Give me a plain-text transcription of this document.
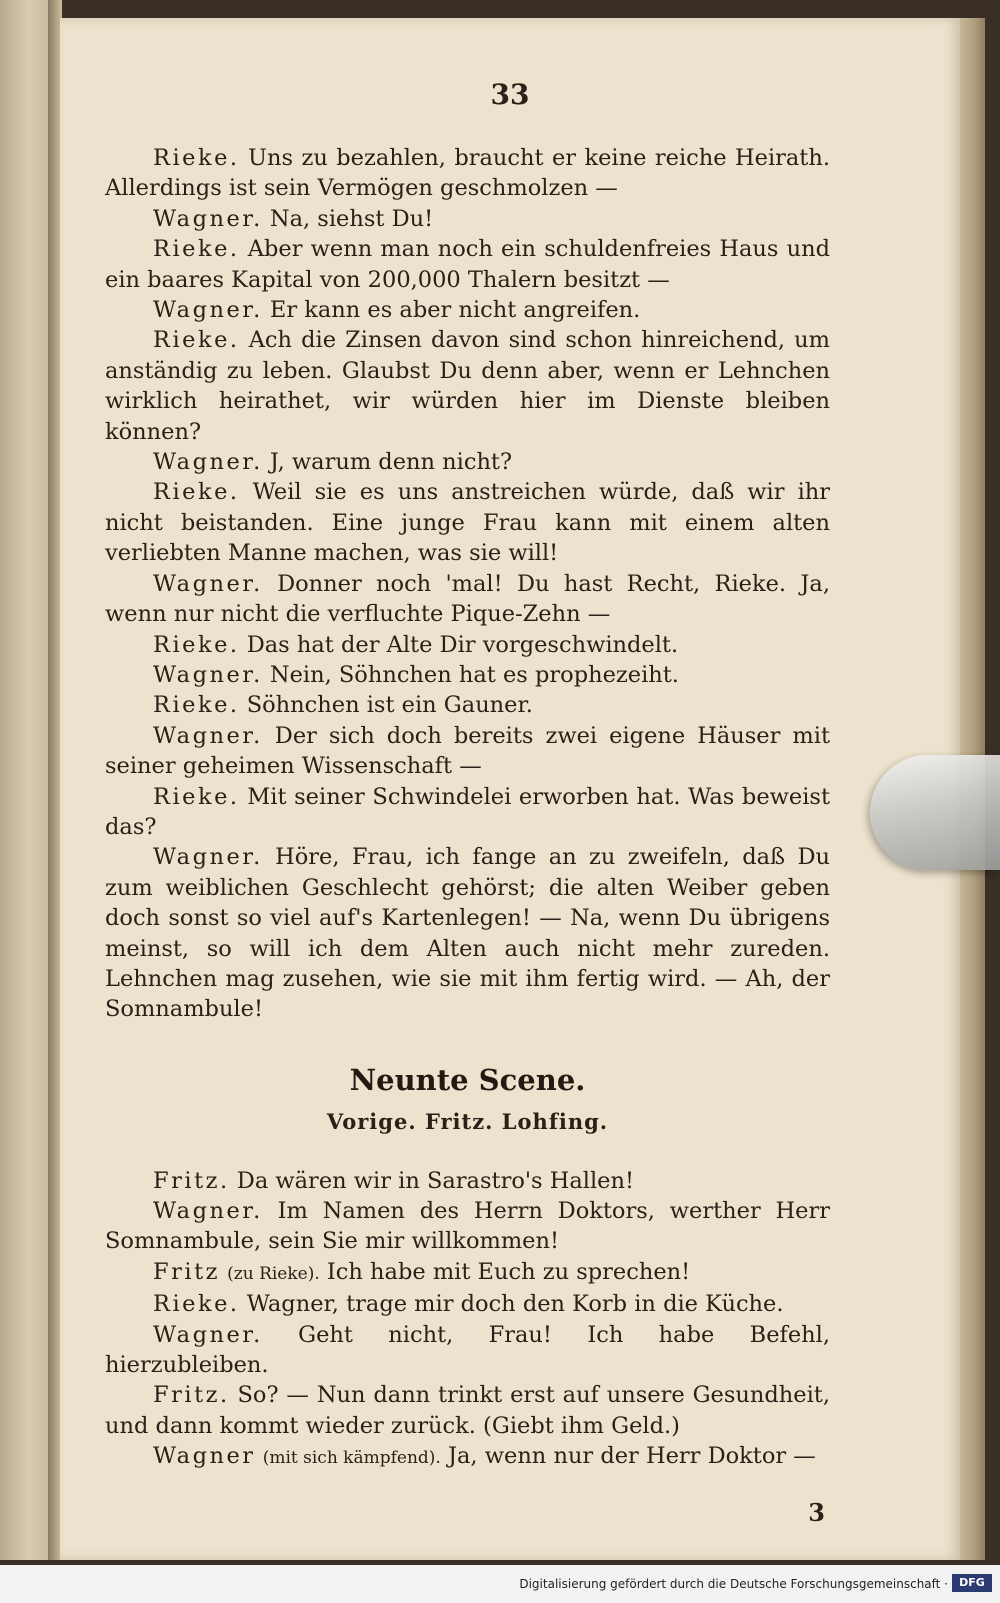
33

Rieke. Uns zu bezahlen, braucht er keine reiche Heirath. Allerdings ist sein Vermögen geschmolzen —

Wagner. Na, siehst Du!

Rieke. Aber wenn man noch ein schuldenfreies Haus und ein baares Kapital von 200,000 Thalern besitzt —

Wagner. Er kann es aber nicht angreifen.

Rieke. Ach die Zinsen davon sind schon hinreichend, um anständig zu leben. Glaubst Du denn aber, wenn er Lehnchen wirklich heirathet, wir würden hier im Dienste bleiben können?

Wagner. J, warum denn nicht?

Rieke. Weil sie es uns anstreichen würde, daß wir ihr nicht beistanden. Eine junge Frau kann mit einem alten verliebten Manne machen, was sie will!

Wagner. Donner noch 'mal! Du hast Recht, Rieke. Ja, wenn nur nicht die verfluchte Pique-Zehn —

Rieke. Das hat der Alte Dir vorgeschwindelt.

Wagner. Nein, Söhnchen hat es prophezeiht.

Rieke. Söhnchen ist ein Gauner.

Wagner. Der sich doch bereits zwei eigene Häuser mit seiner geheimen Wissenschaft —

Rieke. Mit seiner Schwindelei erworben hat. Was beweist das?

Wagner. Höre, Frau, ich fange an zu zweifeln, daß Du zum weiblichen Geschlecht gehörst; die alten Weiber geben doch sonst so viel auf's Kartenlegen! — Na, wenn Du übrigens meinst, so will ich dem Alten auch nicht mehr zureden. Lehnchen mag zusehen, wie sie mit ihm fertig wird. — Ah, der Somnambule!

Neunte Scene.
Vorige. Fritz. Lohfing.

Fritz. Da wären wir in Sarastro's Hallen!

Wagner. Im Namen des Herrn Doktors, werther Herr Somnambule, sein Sie mir willkommen!

Fritz (zu Rieke). Ich habe mit Euch zu sprechen!

Rieke. Wagner, trage mir doch den Korb in die Küche.

Wagner. Geht nicht, Frau! Ich habe Befehl, hierzubleiben.

Fritz. So? — Nun dann trinkt erst auf unsere Gesundheit, und dann kommt wieder zurück. (Giebt ihm Geld.)

Wagner (mit sich kämpfend). Ja, wenn nur der Herr Doktor —

3
Digitalisierung gefördert durch die Deutsche Forschungsgemeinschaft ·	DFG
